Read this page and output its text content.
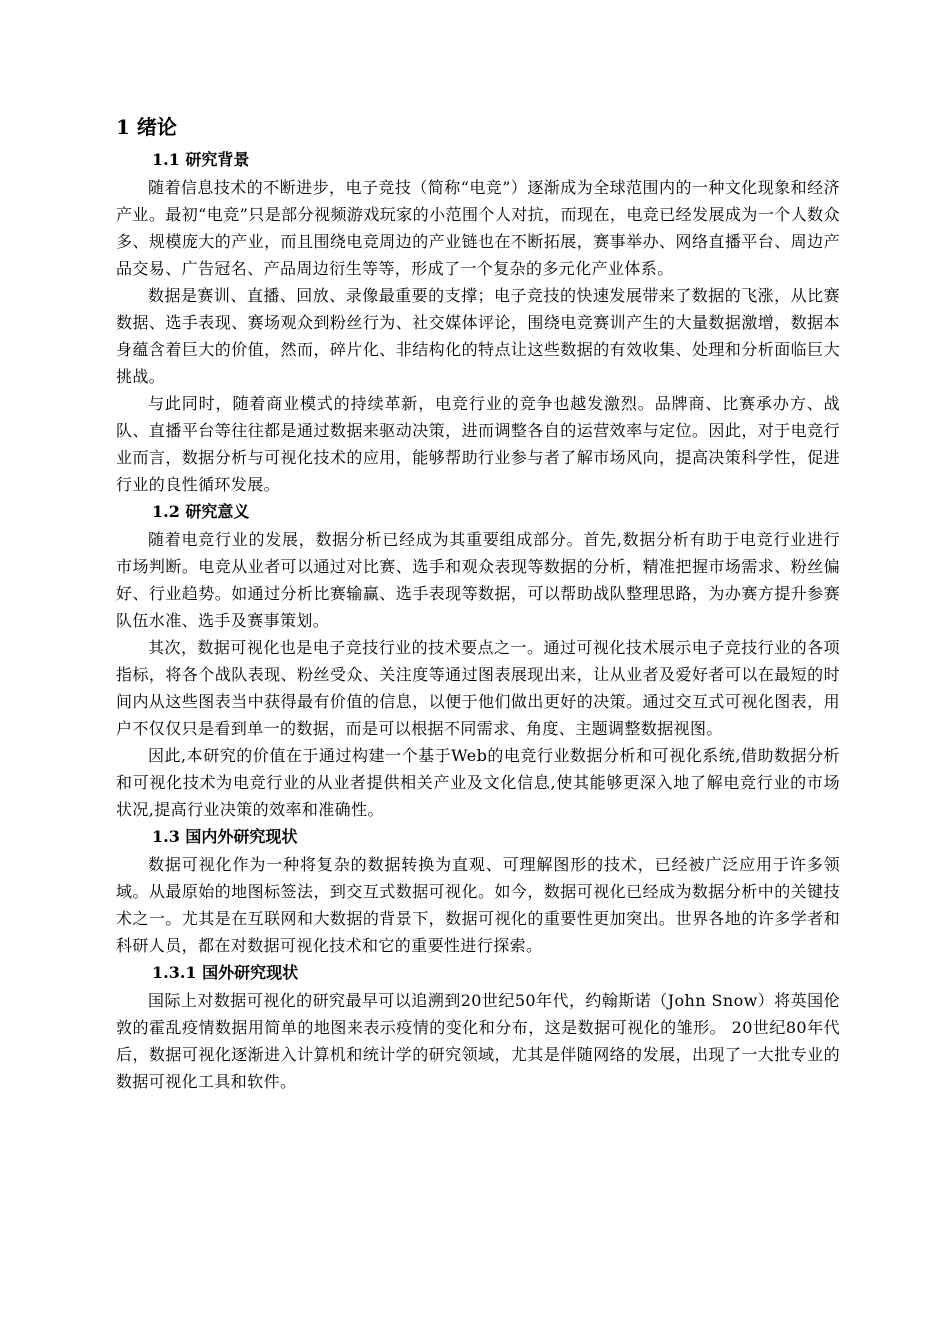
1 绪论
1.1 研究背景

随着信息技术的不断进步，电子竞技（简称“电竞”）逐渐成为全球范围内的一种文化现象和经济产业。最初“电竞”只是部分视频游戏玩家的小范围个人对抗，而现在，电竞已经发展成为一个人数众多、规模庞大的产业，而且围绕电竞周边的产业链也在不断拓展，赛事举办、网络直播平台、周边产品交易、广告冠名、产品周边衍生等等，形成了一个复杂的多元化产业体系。

数据是赛训、直播、回放、录像最重要的支撑；电子竞技的快速发展带来了数据的飞涨，从比赛数据、选手表现、赛场观众到粉丝行为、社交媒体评论，围绕电竞赛训产生的大量数据激增，数据本身蕴含着巨大的价值，然而，碎片化、非结构化的特点让这些数据的有效收集、处理和分析面临巨大挑战。

与此同时，随着商业模式的持续革新，电竞行业的竞争也越发激烈。品牌商、比赛承办方、战队、直播平台等往往都是通过数据来驱动决策，进而调整各自的运营效率与定位。因此，对于电竞行业而言，数据分析与可视化技术的应用，能够帮助行业参与者了解市场风向，提高决策科学性，促进行业的良性循环发展。

1.2 研究意义

随着电竞行业的发展，数据分析已经成为其重要组成部分。首先,数据分析有助于电竞行业进行市场判断。电竞从业者可以通过对比赛、选手和观众表现等数据的分析，精准把握市场需求、粉丝偏好、行业趋势。如通过分析比赛输赢、选手表现等数据，可以帮助战队整理思路，为办赛方提升参赛队伍水准、选手及赛事策划。

其次，数据可视化也是电子竞技行业的技术要点之一。通过可视化技术展示电子竞技行业的各项指标，将各个战队表现、粉丝受众、关注度等通过图表展现出来，让从业者及爱好者可以在最短的时间内从这些图表当中获得最有价值的信息，以便于他们做出更好的决策。通过交互式可视化图表，用户不仅仅只是看到单一的数据，而是可以根据不同需求、角度、主题调整数据视图。

因此,本研究的价值在于通过构建一个基于Web的电竞行业数据分析和可视化系统,借助数据分析和可视化技术为电竞行业的从业者提供相关产业及文化信息,使其能够更深入地了解电竞行业的市场状况,提高行业决策的效率和准确性。

1.3 国内外研究现状

数据可视化作为一种将复杂的数据转换为直观、可理解图形的技术，已经被广泛应用于许多领域。从最原始的地图标签法，到交互式数据可视化。如今，数据可视化已经成为数据分析中的关键技术之一。尤其是在互联网和大数据的背景下，数据可视化的重要性更加突出。世界各地的许多学者和科研人员，都在对数据可视化技术和它的重要性进行探索。

1.3.1 国外研究现状

国际上对数据可视化的研究最早可以追溯到20世纪50年代，约翰斯诺（John Snow）将英国伦敦的霍乱疫情数据用简单的地图来表示疫情的变化和分布，这是数据可视化的雏形。 20世纪80年代后，数据可视化逐渐进入计算机和统计学的研究领域，尤其是伴随网络的发展，出现了一大批专业的数据可视化工具和软件。
